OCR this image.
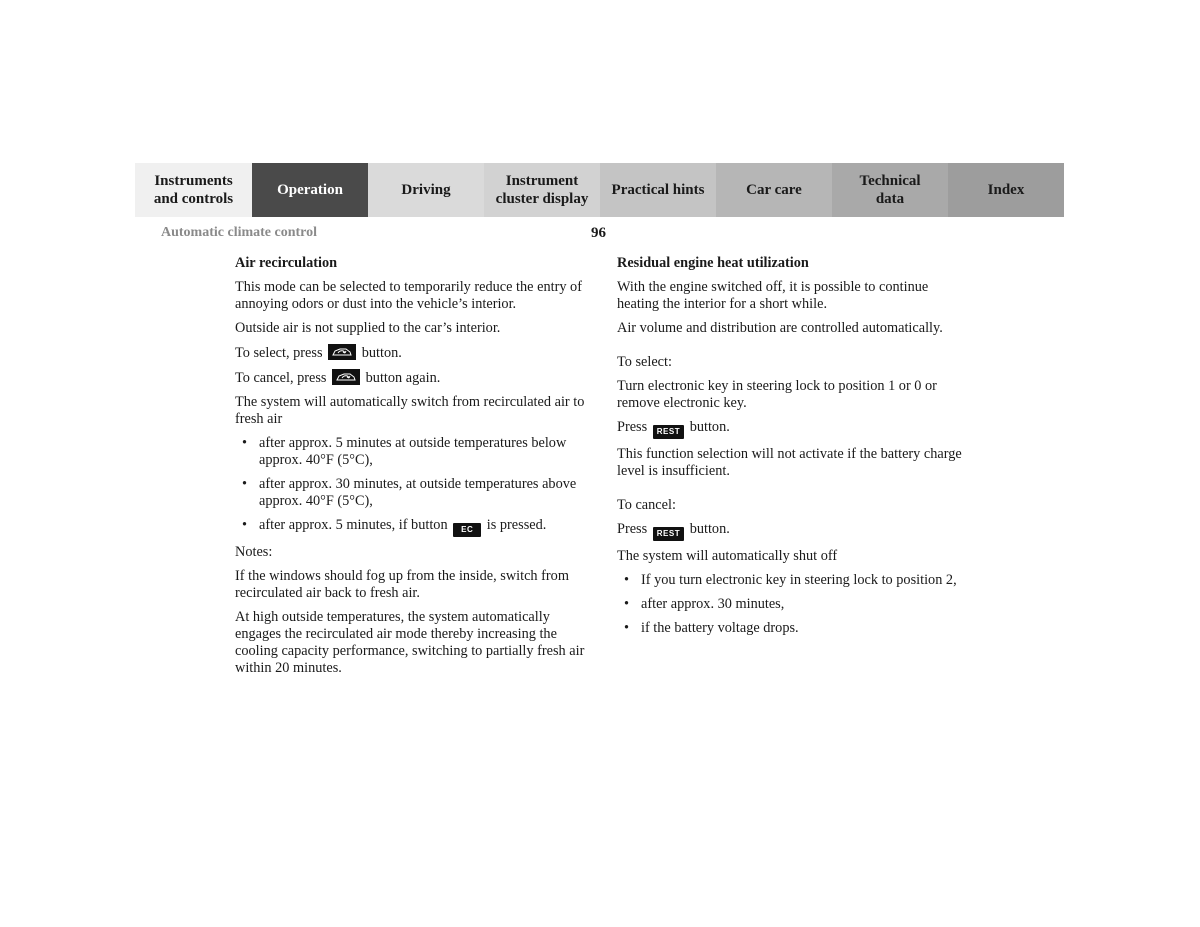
Instruments
and controls
Operation	Driving
Instrument
cluster display
Practical hints	Car care
Technical
data
Index
Automatic climate control	96
Air recirculation

This mode can be selected to temporarily reduce the entry of annoying odors or dust into the vehicle’s interior.

Outside air is not supplied to the car’s interior.

To select, press	button.

To cancel, press	button again.

The system will automatically switch from recirculated air to fresh air

• after approx. 5 minutes at outside temperatures below approx. 40°F (5°C),
• after approx. 30 minutes, at outside temperatures above approx. 40°F (5°C),
• after approx. 5 minutes, if button EC is pressed.

Notes:

If the windows should fog up from the inside, switch from recirculated air back to fresh air.

At high outside temperatures, the system automatically engages the recirculated air mode thereby increasing the cooling capacity performance, switching to partially fresh air within 20 minutes.

Residual engine heat utilization

With the engine switched off, it is possible to continue heating the interior for a short while.

Air volume and distribution are controlled automatically.

To select:

Turn electronic key in steering lock to position 1 or 0 or remove electronic key.

Press REST button.

This function selection will not activate if the battery charge level is insufficient.

To cancel:

Press REST button.

The system will automatically shut off

• If you turn electronic key in steering lock to position 2,
• after approx. 30 minutes,
• if the battery voltage drops.
